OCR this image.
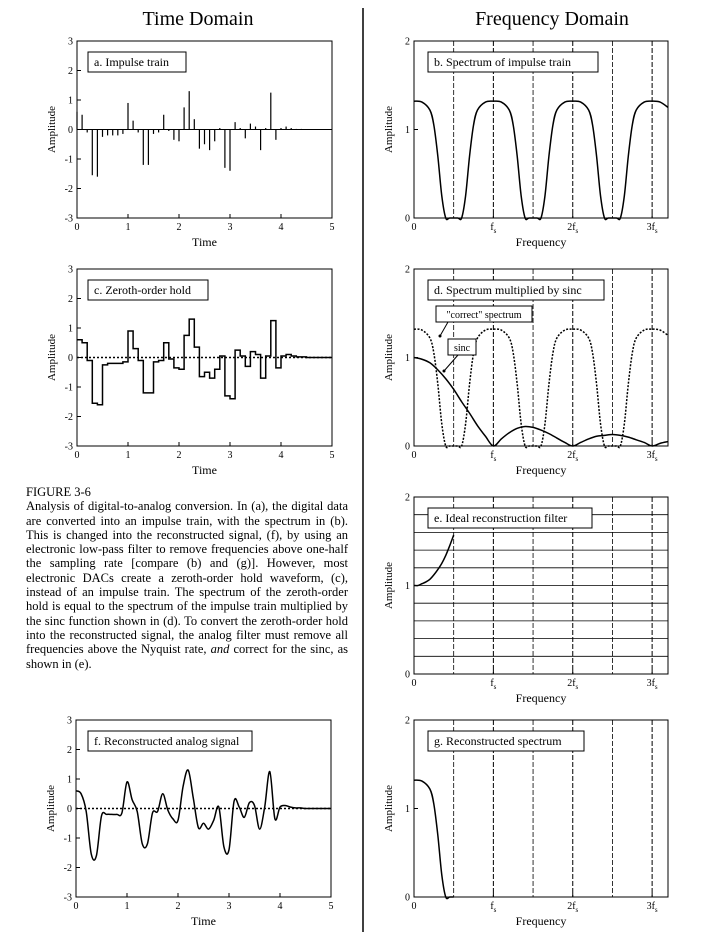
Time Domain	Frequency Domain
-3
-2
-1
0
1
2
3
0	1	2	3	4	5
Time
Amplitude
a. Impulse train
0
1
2
0	$f_s$	$2f_s$	$3f_s$
Frequency
Amplitude
b. Spectrum of impulse train
-3
-2
-1
0
1
2
3
0	1	2	3	4	5
Time
Amplitude
c. Zeroth-order hold
0
1
2
0	$f_s$	$2f_s$	$3f_s$
Frequency
Amplitude
d. Spectrum multiplied by sinc
"correct" spectrum
sinc
0
1
2
0	$f_s$	$2f_s$	$3f_s$
Frequency
Amplitude
e. Ideal reconstruction filter
-3
-2
-1
0
1
2
3
0	1	2	3	4	5
Time
Amplitude
f. Reconstructed analog signal
0
1
2
0	$f_s$	$2f_s$	$3f_s$
Frequency
Amplitude
g. Reconstructed spectrum
FIGURE 3-6
Analysis of digital-to-analog conversion. In (a), the digital data are converted into an impulse train, with the spectrum in (b). This is changed into the reconstructed signal, (f), by using an electronic low-pass filter to remove frequencies above one-half the sampling rate [compare (b) and (g)]. However, most electronic DACs create a zeroth-order hold waveform, (c), instead of an impulse train. The spectrum of the zeroth-order hold is equal to the spectrum of the impulse train multiplied by the sinc function shown in (d). To convert the zeroth-order hold into the reconstructed signal, the analog filter must remove all frequencies above the Nyquist rate, and correct for the sinc, as shown in (e).
